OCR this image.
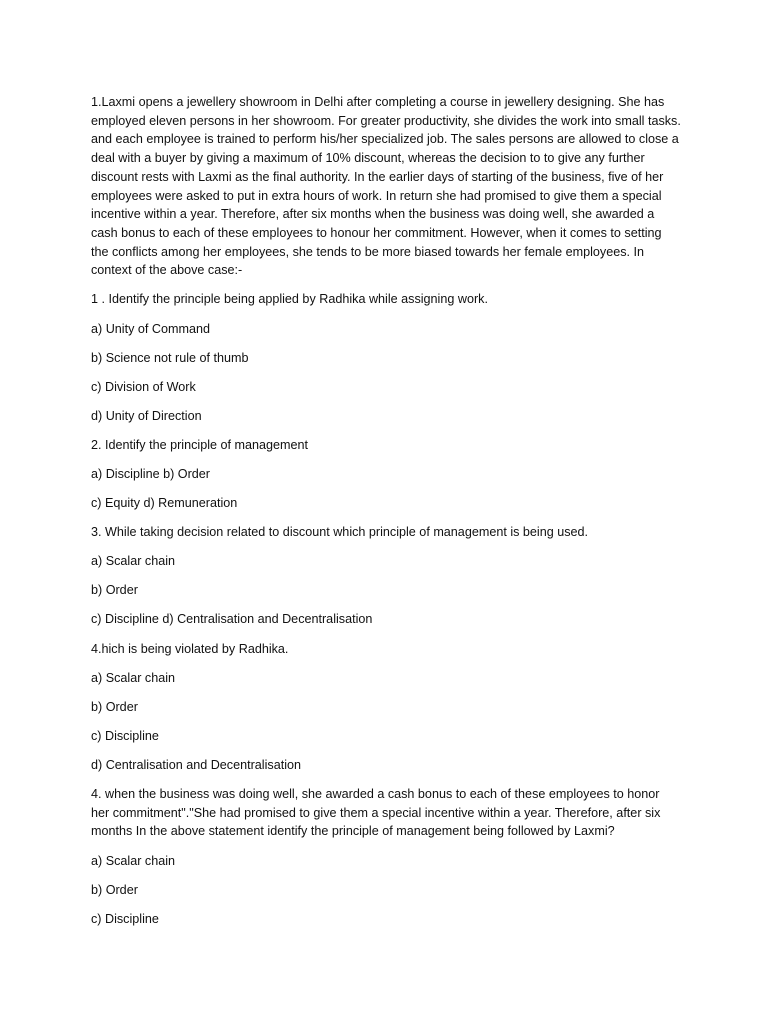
1.Laxmi opens a jewellery showroom in Delhi after completing a course in jewellery designing. She has employed eleven persons in her showroom. For greater productivity, she divides the work into small tasks. and each employee is trained to perform his/her specialized job. The sales persons are allowed to close a deal with a buyer by giving a maximum of 10% discount, whereas the decision to to give any further discount rests with Laxmi as the final authority. In the earlier days of starting of the business, five of her employees were asked to put in extra hours of work. In return she had promised to give them a special incentive within a year. Therefore, after six months when the business was doing well, she awarded a cash bonus to each of these employees to honour her commitment. However, when it comes to setting the conflicts among her employees, she tends to be more biased towards her female employees. In context of the above case:-

1 . Identify the principle being applied by Radhika while assigning work.

a) Unity of Command

b) Science not rule of thumb

c) Division of Work

d) Unity of Direction

2. Identify the principle of management

a) Discipline b) Order

c) Equity d) Remuneration

3. While taking decision related to discount which principle of management is being used.

a) Scalar chain

b) Order

c) Discipline d) Centralisation and Decentralisation

4.hich is being violated by Radhika.

a) Scalar chain

b) Order

c) Discipline

d) Centralisation and Decentralisation

4. when the business was doing well, she awarded a cash bonus to each of these employees to honor her commitment"."She had promised to give them a special incentive within a year. Therefore, after six months In the above statement identify the principle of management being followed by Laxmi?

a) Scalar chain

b) Order

c) Discipline
